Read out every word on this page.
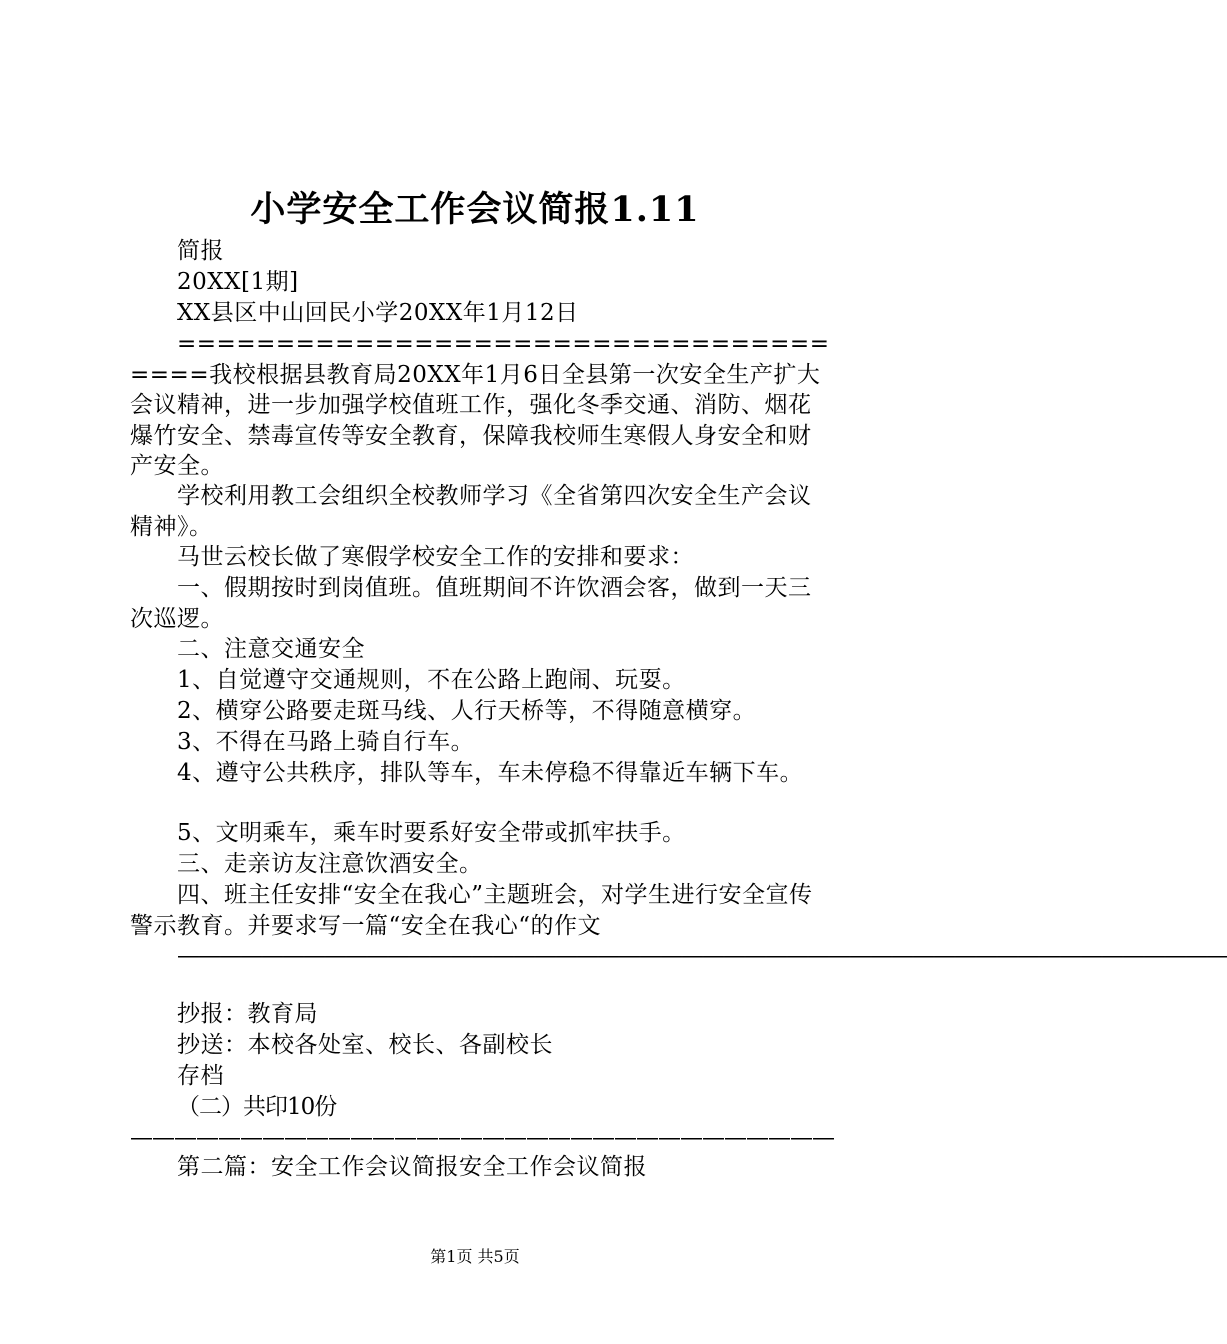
小学安全工作会议简报1.11
简报
20XX[1期]
XX县区中山回民小学20XX年1月12日
=====================================我校根据县教育局20XX年1月6日全县第一次安全生产扩大会议精神，进一步加强学校值班工作，强化冬季交通、消防、烟花爆竹安全、禁毒宣传等安全教育，保障我校师生寒假人身安全和财产安全。
学校利用教工会组织全校教师学习《全省第四次安全生产会议精神》。
马世云校长做了寒假学校安全工作的安排和要求：
一、假期按时到岗值班。值班期间不许饮酒会客，做到一天三次巡逻。
二、注意交通安全
1、自觉遵守交通规则，不在公路上跑闹、玩耍。
2、横穿公路要走斑马线、人行天桥等，不得随意横穿。
3、不得在马路上骑自行车。
4、遵守公共秩序，排队等车，车未停稳不得靠近车辆下车。
5、文明乘车，乘车时要系好安全带或抓牢扶手。
三、走亲访友注意饮酒安全。
四、班主任安排“安全在我心”主题班会，对学生进行安全宣传警示教育。并要求写一篇“安全在我心“的作文
——————————————————————————————————————————————————
抄报：教育局
抄送：本校各处室、校长、各副校长
存档
（二）共印10份————————————————————————————————
第二篇：安全工作会议简报安全工作会议简报
第1页 共5页
